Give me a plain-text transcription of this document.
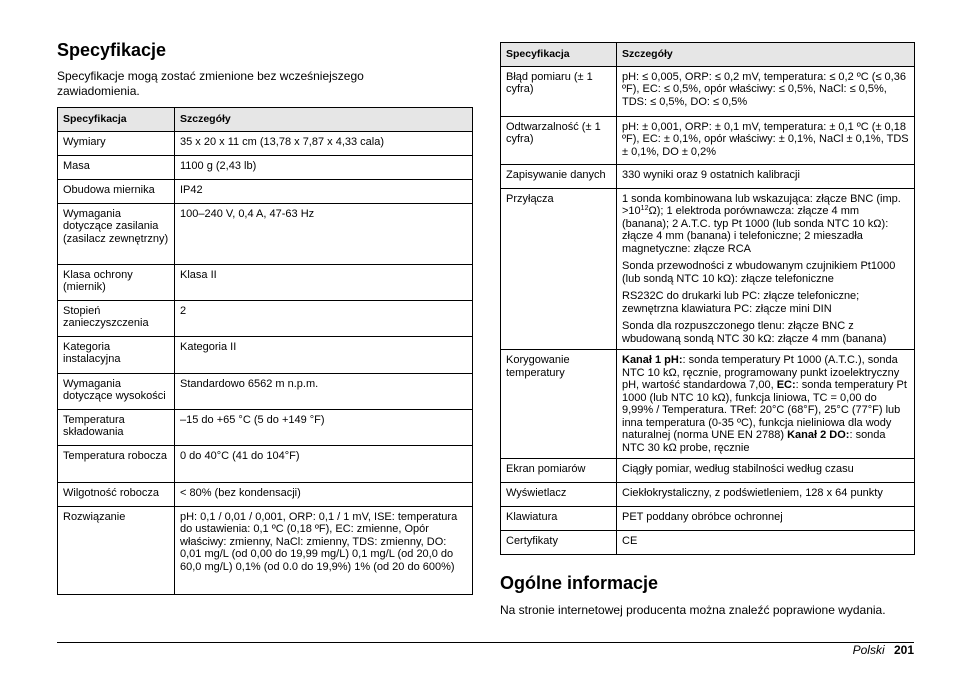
Specyfikacje

Specyfikacje mogą zostać zmienione bez wcześniejszego zawiadomienia.

Specyfikacja	Szczegóły
Wymiary	35 x 20 x 11 cm (13,78 x 7,87 x 4,33 cala)
Masa	1100 g (2,43 lb)
Obudowa miernika	IP42
Wymagania dotyczące zasilania (zasilacz zewnętrzny)	100–240 V, 0,4 A, 47-63 Hz
Klasa ochrony (miernik)	Klasa II
Stopień zanieczyszczenia	2
Kategoria instalacyjna	Kategoria II
Wymagania dotyczące wysokości	Standardowo 6562 m n.p.m.
Temperatura składowania	–15 do +65 °C (5 do +149 °F)
Temperatura robocza	0 do 40°C (41 do 104°F)
Wilgotność robocza	< 80% (bez kondensacji)
Rozwiązanie	pH: 0,1 / 0,01 / 0,001, ORP: 0,1 / 1 mV, ISE: temperatura do ustawienia: 0,1 ºC (0,18 ºF), EC: zmienne, Opór właściwy: zmienny, NaCl: zmienny, TDS: zmienny, DO: 0,01 mg/L (od 0,00 do 19,99 mg/L) 0,1 mg/L (od 20,0 do 60,0 mg/L) 0,1% (od 0.0 do 19,9%) 1% (od 20 do 600%)
Specyfikacja	Szczegóły
Błąd pomiaru (± 1 cyfra)	pH: ≤ 0,005, ORP: ≤ 0,2 mV, temperatura: ≤ 0,2 ºC (≤ 0,36 ºF), EC: ≤ 0,5%, opór właściwy: ≤ 0,5%, NaCl: ≤ 0,5%, TDS: ≤ 0,5%, DO: ≤ 0,5%
Odtwarzalność (± 1 cyfra)	pH: ± 0,001, ORP: ± 0,1 mV, temperatura: ± 0,1 ºC (± 0,18 ºF), EC: ± 0,1%, opór właściwy: ± 0,1%, NaCl ± 0,1%, TDS ± 0,1%, DO ± 0,2%
Zapisywanie danych	330 wyniki oraz 9 ostatnich kalibracji
Przyłącza	1 sonda kombinowana lub wskazująca: złącze BNC (imp. $>10^{12}\Omega$); 1 elektroda porównawcza: złącze 4 mm (banana); 2 A.T.C. typ Pt 1000 (lub sonda NTC 10 kΩ): złącze 4 mm (banana) i telefoniczne; 2 mieszadła magnetyczne: złącze RCA

Sonda przewodności z wbudowanym czujnikiem Pt1000 (lub sondą NTC 10 kΩ): złącze telefoniczne

RS232C do drukarki lub PC: złącze telefoniczne; zewnętrzna klawiatura PC: złącze mini DIN

Sonda dla rozpuszczonego tlenu: złącze BNC z wbudowaną sondą NTC 30 kΩ: złącze 4 mm (banana)

Korygowanie temperatury	Kanał 1 pH:: sonda temperatury Pt 1000 (A.T.C.), sonda NTC 10 kΩ, ręcznie, programowany punkt izoelektryczny pH, wartość standardowa 7,00, EC:: sonda temperatury Pt 1000 (lub NTC 10 kΩ), funkcja liniowa, TC = 0,00 do 9,99% / Temperatura. TRef: 20°C (68°F), 25°C (77°F) lub inna temperatura (0-35 ºC), funkcja nieliniowa dla wody naturalnej (norma UNE EN 2788) Kanał 2 DO:: sonda NTC 30 kΩ probe, ręcznie
Ekran pomiarów	Ciągły pomiar, według stabilności według czasu
Wyświetlacz	Ciekłokrystaliczny, z podświetleniem, 128 x 64 punkty
Klawiatura	PET poddany obróbce ochronnej
Certyfikaty	CE
Ogólne informacje

Na stronie internetowej producenta można znaleźć poprawione wydania.

Polski 201
